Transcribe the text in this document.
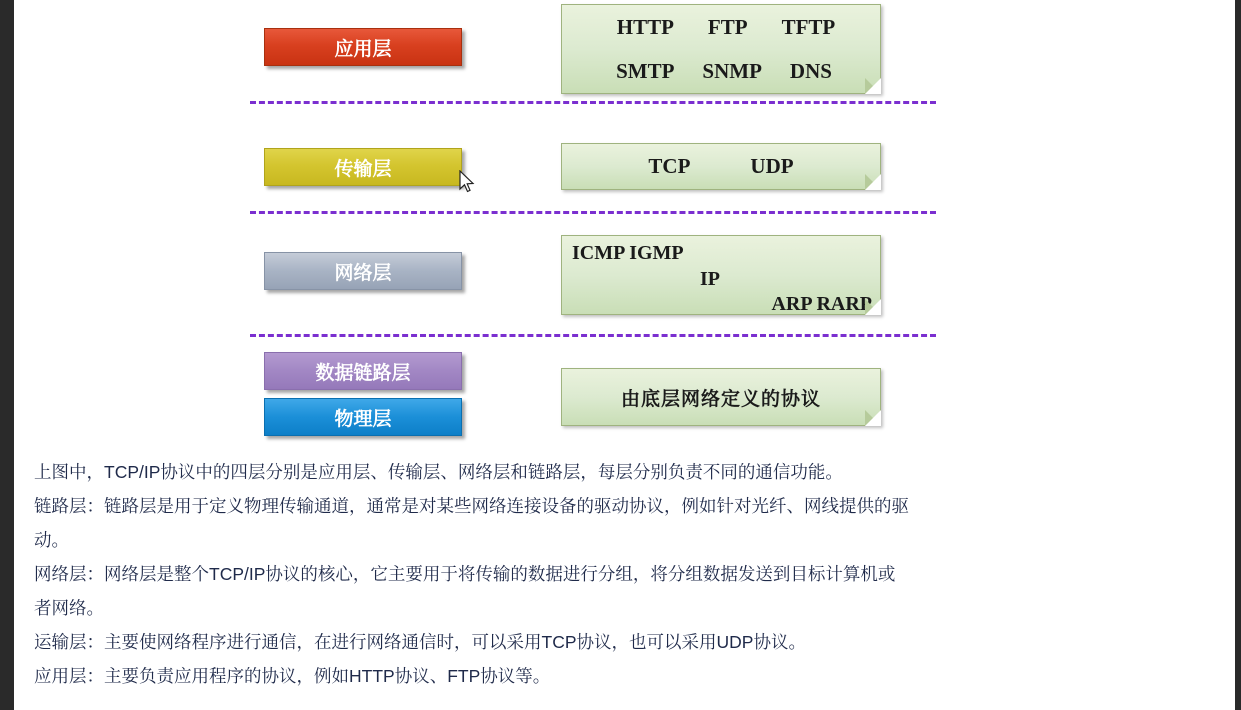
应用层
传输层
网络层
数据链路层
物理层
HTTP FTP TFTP
SMTP SNMP DNS
TCP	UDP
ICMP IGMP
IP
ARP RARP
由底层网络定义的协议

上图中，TCP/IP协议中的四层分别是应用层、传输层、网络层和链路层，每层分别负责不同的通信功能。

链路层：链路层是用于定义物理传输通道，通常是对某些网络连接设备的驱动协议，例如针对光纤、网线提供的驱

动。

网络层：网络层是整个TCP/IP协议的核心，它主要用于将传输的数据进行分组，将分组数据发送到目标计算机或

者网络。

运输层：主要使网络程序进行通信，在进行网络通信时，可以采用TCP协议，也可以采用UDP协议。

应用层：主要负责应用程序的协议，例如HTTP协议、FTP协议等。
